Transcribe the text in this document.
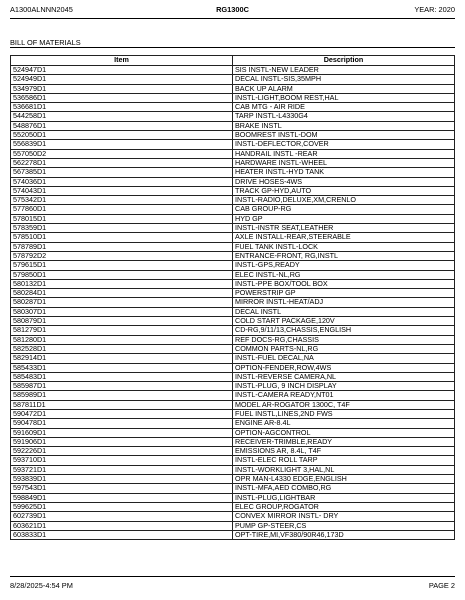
A1300ALNNN2045	RG1300C	YEAR: 2020
BILL OF MATERIALS
Item	Description
524947D1	SIS INSTL-NEW LEADER
524949D1	DECAL INSTL-SIS,35MPH
534979D1	BACK UP ALARM
536586D1	INSTL-LIGHT,BOOM REST,HAL
536681D1	CAB MTG - AIR RIDE
544258D1	TARP INSTL-L4330G4
548876D1	BRAKE INSTL
552050D1	BOOMREST INSTL-DOM
556839D1	INSTL-DEFLECTOR,COVER
557050D2	HANDRAIL INSTL -REAR
562278D1	HARDWARE INSTL-WHEEL
567385D1	HEATER INSTL-HYD TANK
574036D1	DRIVE HOSES-4WS
574043D1	TRACK GP-HYD,AUTO
575342D1	INSTL-RADIO,DELUXE,XM,CRENLO
577860D1	CAB GROUP-RG
578015D1	HYD GP
578359D1	INSTL-INSTR SEAT,LEATHER
578510D1	AXLE INSTALL-REAR,STEERABLE
578789D1	FUEL TANK INSTL-LOCK
578792D2	ENTRANCE-FRONT, RG,INSTL
579615D1	INSTL-GPS,READY
579850D1	ELEC INSTL-NL,RG
580132D1	INSTL-PPE BOX/TOOL BOX
580284D1	POWERSTRIP GP
580287D1	MIRROR INSTL-HEAT/ADJ
580307D1	DECAL INSTL
580879D1	COLD START PACKAGE,120V
581279D1	CD-RG,9/11/13,CHASSIS,ENGLISH
581280D1	REF DOCS-RG,CHASSIS
582528D1	COMMON PARTS-NL,RG
582914D1	INSTL-FUEL DECAL,NA
585433D1	OPTION-FENDER,ROW,4WS
585483D1	INSTL-REVERSE CAMERA,NL
585987D1	INSTL-PLUG, 9 INCH DISPLAY
585989D1	INSTL-CAMERA READY,NT01
587811D1	MODEL AR-ROGATOR 1300C, T4F
590472D1	FUEL INSTL,LINES,2ND FWS
590478D1	ENGINE AR-8.4L
591609D1	OPTION-AGCONTROL
591906D1	RECEIVER-TRIMBLE,READY
592226D1	EMISSIONS AR, 8.4L, T4F
593710D1	INSTL-ELEC ROLL TARP
593721D1	INSTL-WORKLIGHT 3,HAL,NL
593839D1	OPR MAN-L4330 EDGE,ENGLISH
597543D1	INSTL-MFA,AED COMBO,RG
598849D1	INSTL-PLUG,LIGHTBAR
599625D1	ELEC GROUP,ROGATOR
602739D1	CONVEX MIRROR INSTL- DRY
603621D1	PUMP GP-STEER,CS
603833D1	OPT-TIRE,MI,VF380/90R46,173D
8/28/2025-4:54 PM	PAGE 2
